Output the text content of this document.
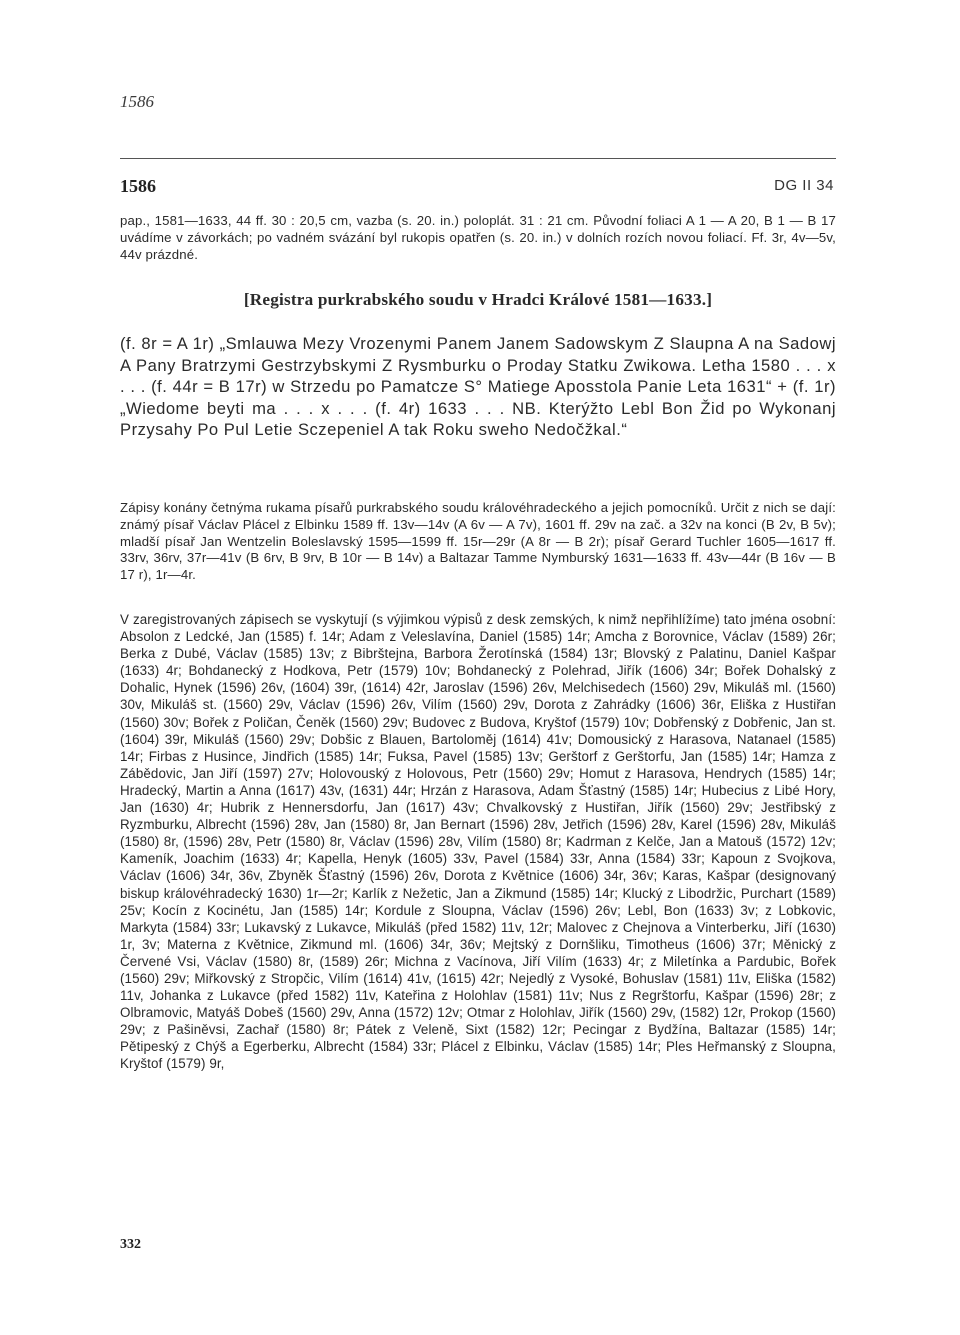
1586
1586	DG II 34
pap., 1581—1633, 44 ff. 30 : 20,5 cm, vazba (s. 20. in.) poloplát. 31 : 21 cm. Původní foliaci A 1 — A 20, B 1 — B 17 uvádíme v závorkách; po vadném svázání byl rukopis opatřen (s. 20. in.) v dolních rozích novou foliací. Ff. 3r, 4v—5v, 44v prázdné.
[Registra purkrabského soudu v Hradci Králové 1581—1633.]
(f. 8r = A 1r) „Smlauwa Mezy Vrozenymi Panem Janem Sadowskym Z Slaupna A na Sadowj A Pany Bratrzymi Gestrzybskymi Z Rysmburku o Proday Statku Zwikowa. Letha 1580 . . . x . . . (f. 44r = B 17r) w Strzedu po Pamatcze S° Matiege Aposstola Panie Leta 1631“ + (f. 1r) „Wiedome beyti ma . . . x . . . (f. 4r) 1633 . . . NB. Kterýžto Lebl Bon Žid po Wykonanj Przysahy Po Pul Letie Sczepeniel A tak Roku sweho Nedočžkal.“
Zápisy konány četnýma rukama písařů purkrabského soudu královéhradeckého a jejich pomocníků. Určit z nich se dají: známý písař Václav Plácel z Elbinku 1589 ff. 13v—14v (A 6v — A 7v), 1601 ff. 29v na zač. a 32v na konci (B 2v, B 5v); mladší písař Jan Wentzelin Boleslavský 1595—1599 ff. 15r—29r (A 8r — B 2r); písař Gerard Tuchler 1605—1617 ff. 33rv, 36rv, 37r—41v (B 6rv, B 9rv, B 10r — B 14v) a Baltazar Tamme Nymburský 1631—1633 ff. 43v—44r (B 16v — B 17 r), 1r—4r.
V zaregistrovaných zápisech se vyskytují (s výjimkou výpisů z desk zemských, k nimž nepřihlížíme) tato jména osobní: Absolon z Ledcké, Jan (1585) f. 14r; Adam z Veleslavína, Daniel (1585) 14r; Amcha z Borovnice, Václav (1589) 26r; Berka z Dubé, Václav (1585) 13v; z Bibrštejna, Barbora Žerotínská (1584) 13r; Blovský z Palatinu, Daniel Kašpar (1633) 4r; Bohdanecký z Hodkova, Petr (1579) 10v; Bohdanecký z Polehrad, Jiřík (1606) 34r; Bořek Dohalský z Dohalic, Hynek (1596) 26v, (1604) 39r, (1614) 42r, Jaroslav (1596) 26v, Melchisedech (1560) 29v, Mikuláš ml. (1560) 30v, Mikuláš st. (1560) 29v, Václav (1596) 26v, Vilím (1560) 29v, Dorota z Zahrádky (1606) 36r, Eliška z Hustiřan (1560) 30v; Bořek z Poličan, Čeněk (1560) 29v; Budovec z Budova, Kryštof (1579) 10v; Dobřenský z Dobřenic, Jan st. (1604) 39r, Mikuláš (1560) 29v; Dobšic z Blauen, Bartoloměj (1614) 41v; Domousický z Harasova, Natanael (1585) 14r; Firbas z Husince, Jindřich (1585) 14r; Fuksa, Pavel (1585) 13v; Gerštorf z Gerštorfu, Jan (1585) 14r; Hamza z Zábědovic, Jan Jiří (1597) 27v; Holovouský z Holovous, Petr (1560) 29v; Homut z Harasova, Hendrych (1585) 14r; Hradecký, Martin a Anna (1617) 43v, (1631) 44r; Hrzán z Harasova, Adam Šťastný (1585) 14r; Hubecius z Libé Hory, Jan (1630) 4r; Hubrik z Hennersdorfu, Jan (1617) 43v; Chvalkovský z Hustiřan, Jiřík (1560) 29v; Jestřibský z Ryzmburku, Albrecht (1596) 28v, Jan (1580) 8r, Jan Bernart (1596) 28v, Jetřich (1596) 28v, Karel (1596) 28v, Mikuláš (1580) 8r, (1596) 28v, Petr (1580) 8r, Václav (1596) 28v, Vilím (1580) 8r; Kadrman z Kelče, Jan a Matouš (1572) 12v; Kameník, Joachim (1633) 4r; Kapella, Henyk (1605) 33v, Pavel (1584) 33r, Anna (1584) 33r; Kapoun z Svojkova, Václav (1606) 34r, 36v, Zbyněk Šťastný (1596) 26v, Dorota z Květnice (1606) 34r, 36v; Karas, Kašpar (designovaný biskup královéhradecký 1630) 1r—2r; Karlík z Nežetic, Jan a Zikmund (1585) 14r; Klucký z Libodržic, Purchart (1589) 25v; Kocín z Kocinétu, Jan (1585) 14r; Kordule z Sloupna, Václav (1596) 26v; Lebl, Bon (1633) 3v; z Lobkovic, Markyta (1584) 33r; Lukavský z Lukavce, Mikuláš (před 1582) 11v, 12r; Malovec z Chejnova a Vinterberku, Jiří (1630) 1r, 3v; Materna z Květnice, Zikmund ml. (1606) 34r, 36v; Mejtský z Dornšliku, Timotheus (1606) 37r; Měnický z Červené Vsi, Václav (1580) 8r, (1589) 26r; Michna z Vacínova, Jiří Vilím (1633) 4r; z Miletínka a Pardubic, Bořek (1560) 29v; Miřkovský z Stropčic, Vilím (1614) 41v, (1615) 42r; Nejedlý z Vysoké, Bohuslav (1581) 11v, Eliška (1582) 11v, Johanka z Lukavce (před 1582) 11v, Kateřina z Holohlav (1581) 11v; Nus z Regrštorfu, Kašpar (1596) 28r; z Olbramovic, Matyáš Dobeš (1560) 29v, Anna (1572) 12v; Otmar z Holohlav, Jiřík (1560) 29v, (1582) 12r, Prokop (1560) 29v; z Pašiněvsi, Zachař (1580) 8r; Pátek z Veleně, Sixt (1582) 12r; Pecingar z Bydžína, Baltazar (1585) 14r; Pětipeský z Chýš a Egerberku, Albrecht (1584) 33r; Plácel z Elbinku, Václav (1585) 14r; Ples Heřmanský z Sloupna, Kryštof (1579) 9r,
332
